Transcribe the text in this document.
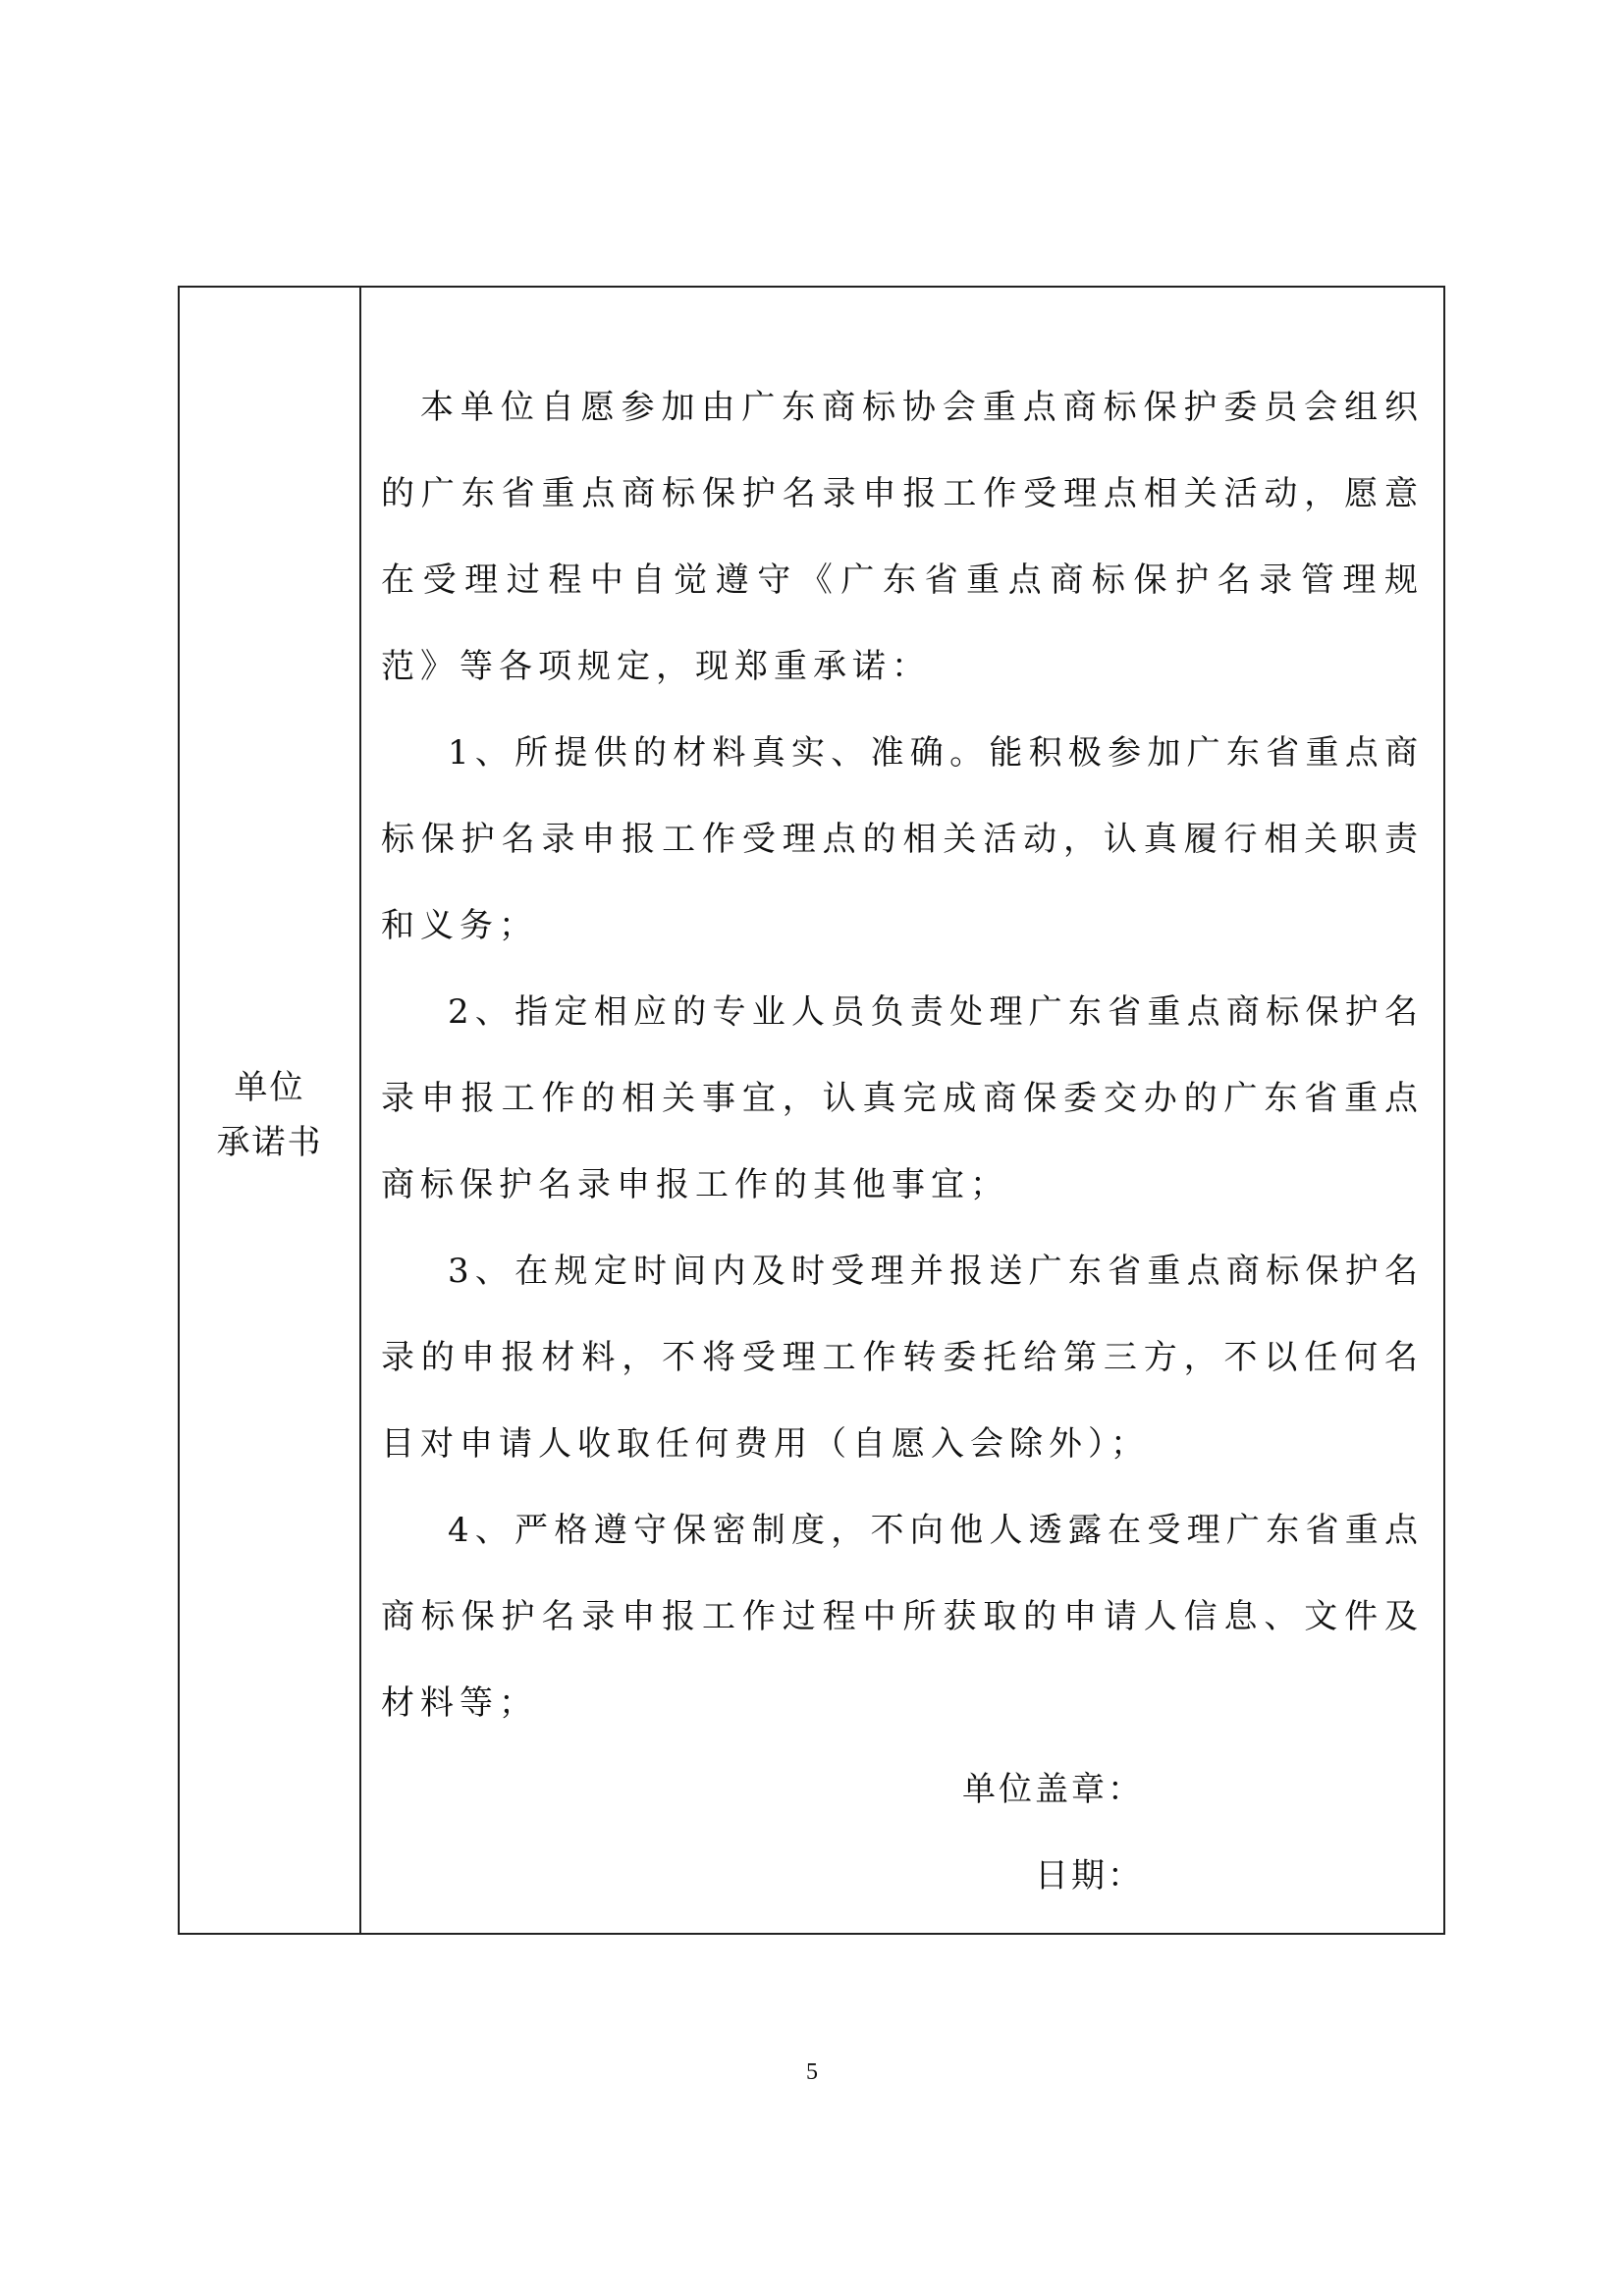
单位
承诺书

本单位自愿参加由广东商标协会重点商标保护委员会组织的广东省重点商标保护名录申报工作受理点相关活动，愿意在受理过程中自觉遵守《广东省重点商标保护名录管理规范》等各项规定，现郑重承诺：

1、所提供的材料真实、准确。能积极参加广东省重点商标保护名录申报工作受理点的相关活动，认真履行相关职责和义务；

2、指定相应的专业人员负责处理广东省重点商标保护名录申报工作的相关事宜，认真完成商保委交办的广东省重点商标保护名录申报工作的其他事宜；

3、在规定时间内及时受理并报送广东省重点商标保护名录的申报材料，不将受理工作转委托给第三方，不以任何名目对申请人收取任何费用（自愿入会除外）；

4、严格遵守保密制度，不向他人透露在受理广东省重点商标保护名录申报工作过程中所获取的申请人信息、文件及材料等；

单位盖章：
日期：
5
